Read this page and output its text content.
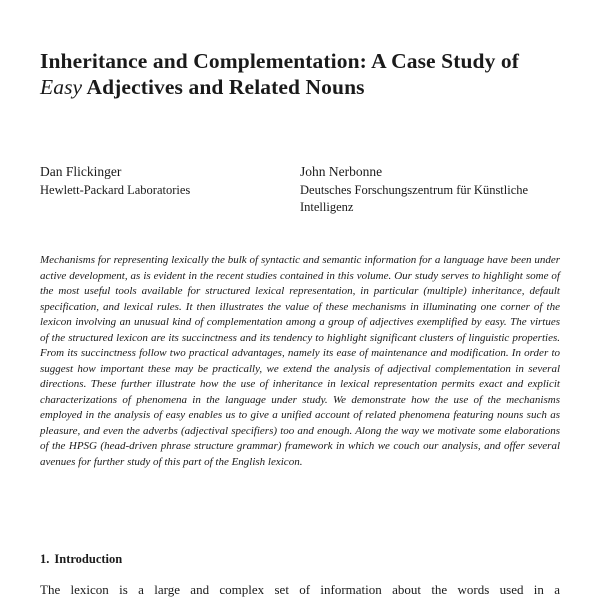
Inheritance and Complementation: A Case Study of Easy Adjectives and Related Nouns
Dan Flickinger
Hewlett-Packard Laboratories
John Nerbonne
Deutsches Forschungszentrum für Künstliche Intelligenz

Mechanisms for representing lexically the bulk of syntactic and semantic information for a language have been under active development, as is evident in the recent studies contained in this volume. Our study serves to highlight some of the most useful tools available for structured lexical representation, in particular (multiple) inheritance, default specification, and lexical rules. It then illustrates the value of these mechanisms in illuminating one corner of the lexicon involving an unusual kind of complementation among a group of adjectives exemplified by easy. The virtues of the structured lexicon are its succinctness and its tendency to highlight significant clusters of linguistic properties. From its succinctness follow two practical advantages, namely its ease of maintenance and modification. In order to suggest how important these may be practically, we extend the analysis of adjectival complementation in several directions. These further illustrate how the use of inheritance in lexical representation permits exact and explicit characterizations of phenomena in the language under study. We demonstrate how the use of the mechanisms employed in the analysis of easy enables us to give a unified account of related phenomena featuring nouns such as pleasure, and even the adverbs (adjectival specifiers) too and enough. Along the way we motivate some elaborations of the HPSG (head-driven phrase structure grammar) framework in which we couch our analysis, and offer several avenues for further study of this part of the English lexicon.

1. Introduction

The lexicon is a large and complex set of information about the words used in a
